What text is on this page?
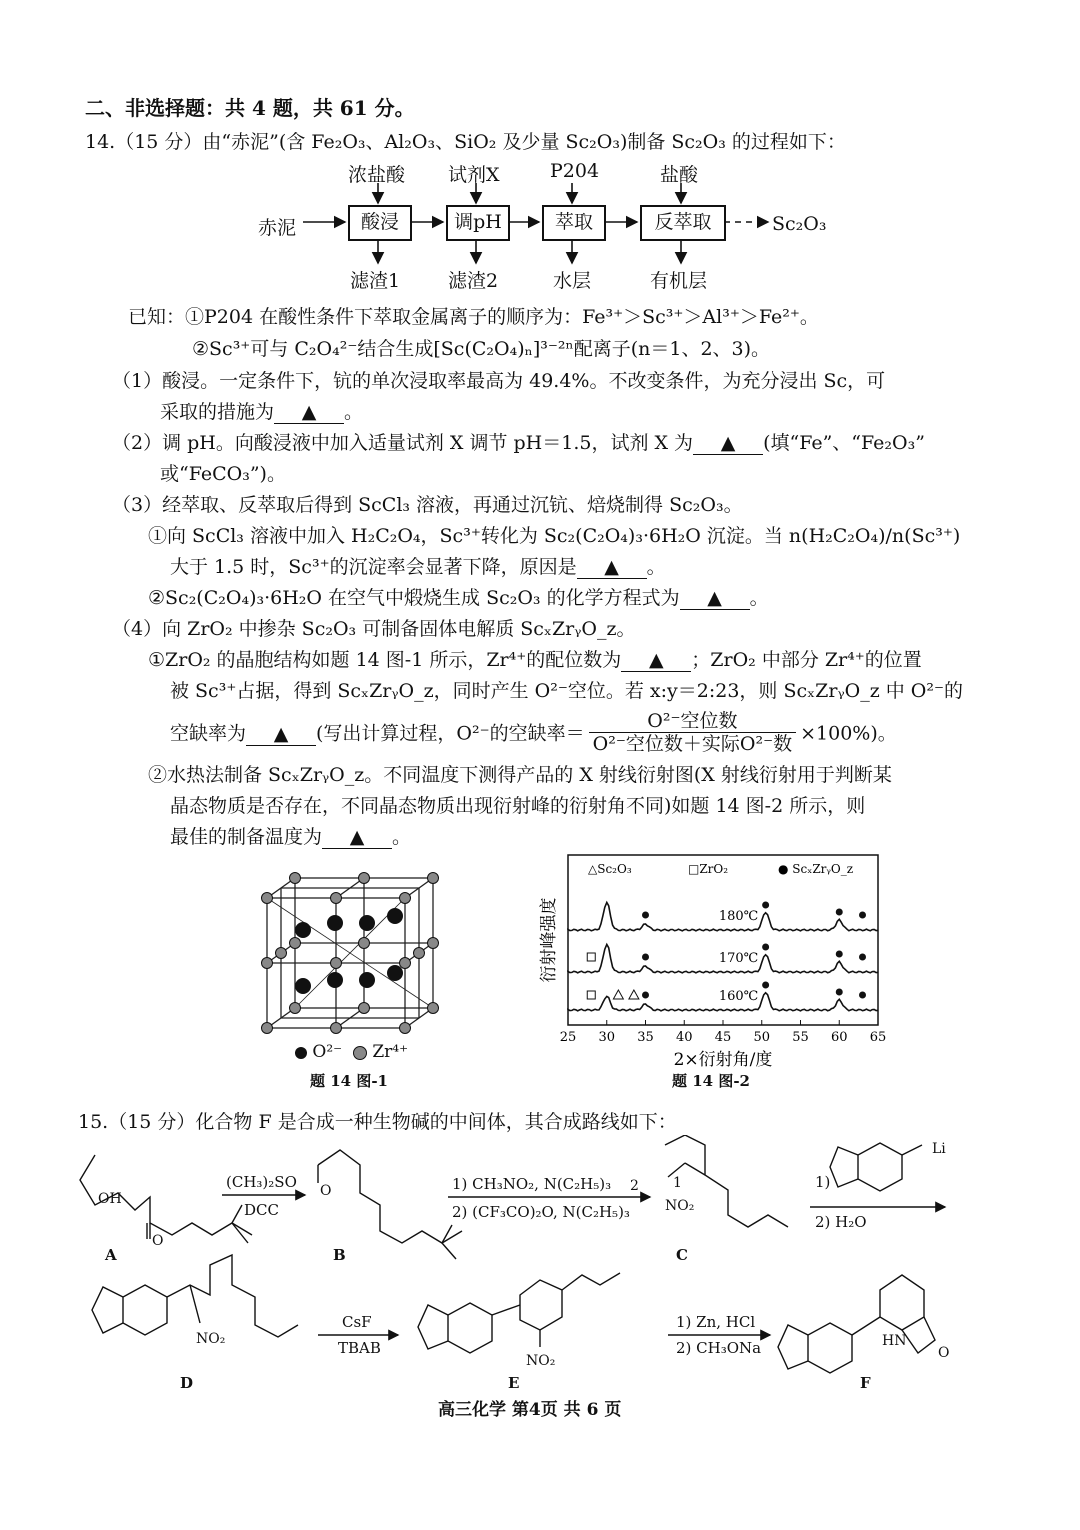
二、非选择题：共 4 题，共 61 分。
14.（15 分）由“赤泥”(含 Fe₂O₃、Al₂O₃、SiO₂ 及少量 Sc₂O₃)制备 Sc₂O₃ 的过程如下：
浓盐酸 试剂X	P204	盐酸
赤泥	酸浸	调pH	萃取	反萃取	Sc₂O₃
滤渣1	滤渣2	水层	有机层
已知：①P204 在酸性条件下萃取金属离子的顺序为：Fe³⁺＞Sc³⁺＞Al³⁺＞Fe²⁺。
②Sc³⁺可与 C₂O₄²⁻结合生成[Sc(C₂O₄)ₙ]³⁻²ⁿ配离子(n＝1、2、3)。
（1）酸浸。一定条件下，钪的单次浸取率最高为 49.4%。不改变条件，为充分浸出 Sc，可
采取的措施为 ▲ 。
（2）调 pH。向酸浸液中加入适量试剂 X 调节 pH＝1.5，试剂 X 为 ▲ (填“Fe”、“Fe₂O₃”
或“FeCO₃”)。
（3）经萃取、反萃取后得到 ScCl₃ 溶液，再通过沉钪、焙烧制得 Sc₂O₃。
①向 ScCl₃ 溶液中加入 H₂C₂O₄，Sc³⁺转化为 Sc₂(C₂O₄)₃·6H₂O 沉淀。当 n(H₂C₂O₄)/n(Sc³⁺)
大于 1.5 时，Sc³⁺的沉淀率会显著下降，原因是 ▲ 。
②Sc₂(C₂O₄)₃·6H₂O 在空气中煅烧生成 Sc₂O₃ 的化学方程式为 ▲ 。
（4）向 ZrO₂ 中掺杂 Sc₂O₃ 可制备固体电解质 ScₓZrᵧO_z。
①ZrO₂ 的晶胞结构如题 14 图-1 所示，Zr⁴⁺的配位数为 ▲ ；ZrO₂ 中部分 Zr⁴⁺的位置
被 Sc³⁺占据，得到 ScₓZrᵧO_z，同时产生 O²⁻空位。若 x:y＝2:23，则 ScₓZrᵧO_z 中 O²⁻的
空缺率为 ▲ (写出计算过程，O²⁻的空缺率＝
O²⁻空位数
O²⁻空位数＋实际O²⁻数 ×100%)。
②水热法制备 ScₓZrᵧO_z。不同温度下测得产品的 X 射线衍射图(X 射线衍射用于判断某
晶态物质是否存在，不同晶态物质出现衍射峰的衍射角不同)如题 14 图-2 所示，则
最佳的制备温度为 ▲ 。
O²⁻ Zr⁴⁺
题 14 图-1
25 30 35 40 45 50 55 60 65
2×衍射角/度
衍射峰强度
△Sc₂O₃	□ZrO₂	● ScₓZrᵧO_z
180℃
170℃
160℃
题 14 图-2
15.（15 分）化合物 F 是合成一种生物碱的中间体，其合成路线如下：
OH
O
O	2 1
NO₂
Li
NO₂
NO₂
HN
O
A	B	C
D	E	F
(CH₃)₂SO
DCC
1) CH₃NO₂, N(C₂H₅)₃
2) (CF₃CO)₂O, N(C₂H₅)₃
1)
2) H₂O
CsF
TBAB
1) Zn, HCl
2) CH₃ONa
高三化学 第4页 共 6 页
